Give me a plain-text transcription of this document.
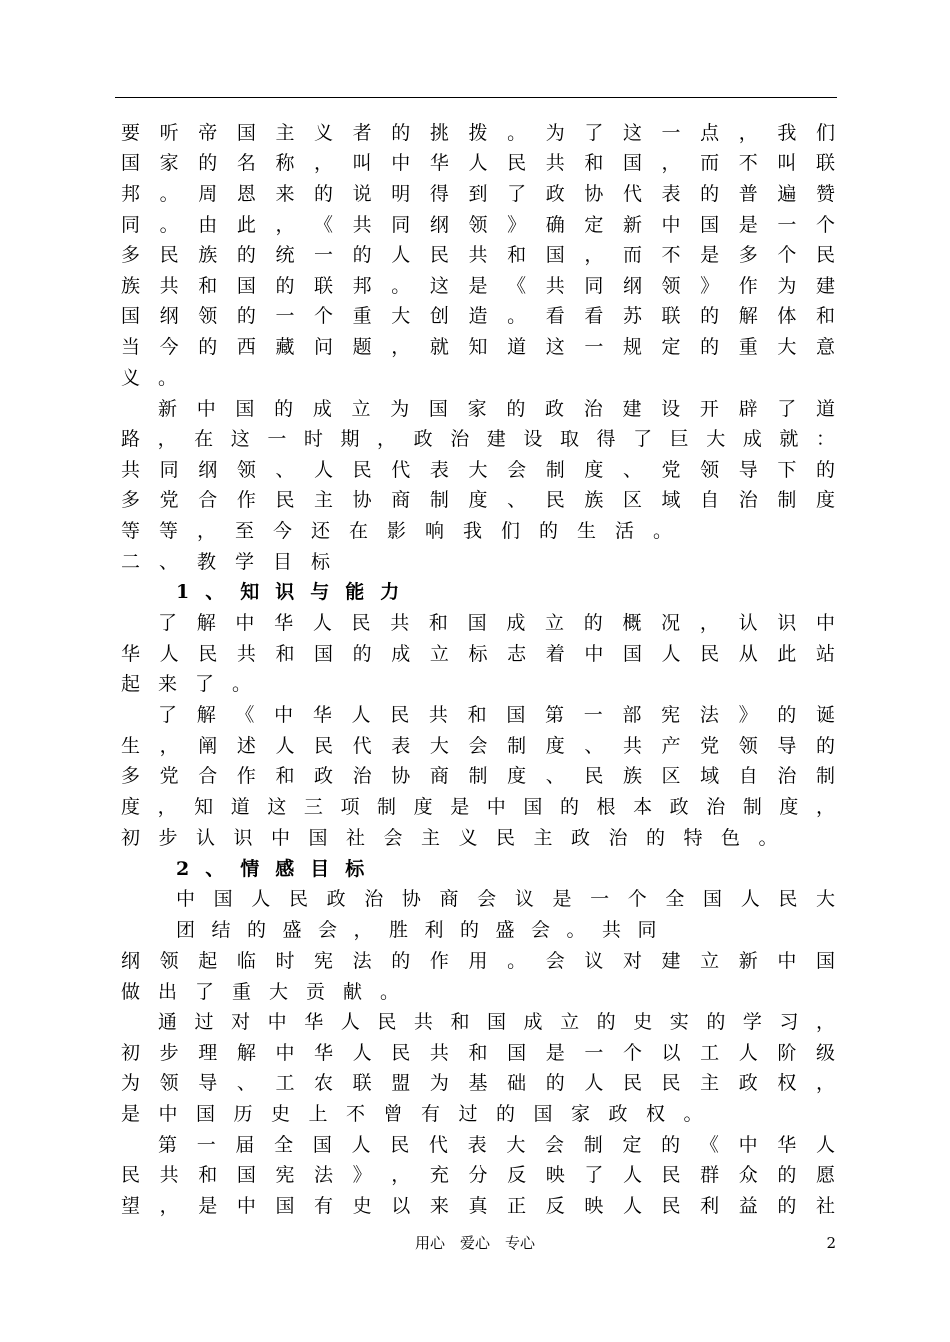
要 听 帝 国 主 义 者 的 挑 拨 。 为 了 这 一 点 ， 我 们
国 家 的 名 称 ， 叫 中 华 人 民 共 和 国 ， 而 不 叫 联
邦 。 周 恩 来 的 说 明 得 到 了 政 协 代 表 的 普 遍 赞
同 。 由 此 ， 《 共 同 纲 领 》 确 定 新 中 国 是 一 个
多 民 族 的 统 一 的 人 民 共 和 国 ， 而 不 是 多 个 民
族 共 和 国 的 联 邦 。 这 是 《 共 同 纲 领 》 作 为 建
国 纲 领 的 一 个 重 大 创 造 。 看 看 苏 联 的 解 体 和
当 今 的 西 藏 问 题 ， 就 知 道 这 一 规 定 的 重 大 意
义。
新 中 国 的 成 立 为 国 家 的 政 治 建 设 开 辟 了 道
路 ， 在 这 一 时 期 ， 政 治 建 设 取 得 了 巨 大 成 就 ：
共 同 纲 领 、 人 民 代 表 大 会 制 度 、 党 领 导 下 的
多 党 合 作 民 主 协 商 制 度 、 民 族 区 域 自 治 制 度
等等，至今还在影响我们的生活。
二、教学目标
1、知识与能力
了 解 中 华 人 民 共 和 国 成 立 的 概 况 ， 认 识 中
华 人 民 共 和 国 的 成 立 标 志 着 中 国 人 民 从 此 站
起来了。
了 解 《 中 华 人 民 共 和 国 第 一 部 宪 法 》 的 诞
生 ， 阐 述 人 民 代 表 大 会 制 度 、 共 产 党 领 导 的
多 党 合 作 和 政 治 协 商 制 度 、 民 族 区 域 自 治 制
度 ， 知 道 这 三 项 制 度 是 中 国 的 根 本 政 治 制 度 ，
初步认识中国社会主义民主政治的特色。
2、情感目标
中 国 人 民 政 治 协 商 会 议 是 一 个 全 国 人 民 大
团结的盛会，胜利的盛会。共同
纲 领 起 临 时 宪 法 的 作 用 。 会 议 对 建 立 新 中 国
做出了重大贡献。
通 过 对 中 华 人 民 共 和 国 成 立 的 史 实 的 学 习 ，
初 步 理 解 中 华 人 民 共 和 国 是 一 个 以 工 人 阶 级
为 领 导 、 工 农 联 盟 为 基 础 的 人 民 民 主 政 权 ，
是中国历史上不曾有过的国家政权。
第 一 届 全 国 人 民 代 表 大 会 制 定 的 《 中 华 人
民 共 和 国 宪 法 》 ， 充 分 反 映 了 人 民 群 众 的 愿
望 ， 是 中 国 有 史 以 来 真 正 反 映 人 民 利 益 的 社
用心　爱心　专心	2
